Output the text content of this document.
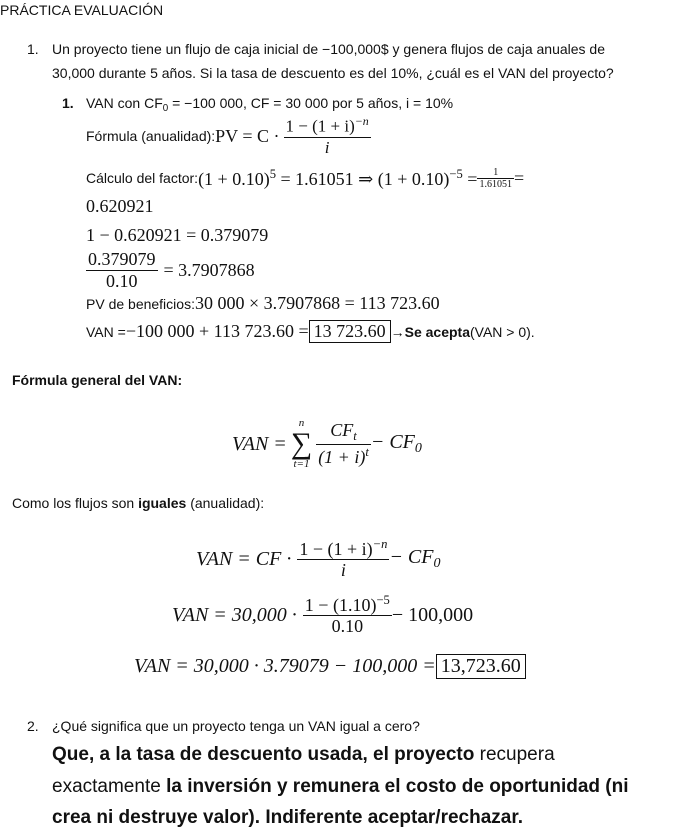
PRÁCTICA EVALUACIÓN
1. Un proyecto tiene un flujo de caja inicial de −100,000$ y genera flujos de caja anuales de
30,000 durante 5 años. Si la tasa de descuento es del 10%, ¿cuál es el VAN del proyecto?
1. VAN con $CF_0 = -100$ 000, CF = 30 000 por 5 años, i = 10%
Fórmula (anualidad): PV = $C \cdot \frac{1 - (1 + i)^{-n}}{i}$
Cálculo del factor: $(1 + 0.10)^5 = 1.61051$ ⇒ $(1 + 0.10)^{-5} = \frac{1}{1.61051}$ =
0.620921
1 − 0.620921 = 0.379079
$\frac{0.379079}{0.10} = 3.7907868$
PV de beneficios: 30 000 × 3.7907868 = 113 723.60
VAN = −100 000 + 113 723.60 = 13 723.60 → Se acepta (VAN > 0).
Fórmula general del VAN:
VAN =
n
∑
$t=1 \frac{CF_t}{(1 + i)^t} - CF_0$
Como los flujos son iguales (anualidad):
VAN = CF · $\frac{1 - (1 + i)^{-n}}{i} - CF_0$
VAN = $30,000 \cdot \frac{1 - (1.10)^{-5}}{0.10} - 100,000$
VAN = 30,000 · 3.79079 − 100,000 = 13,723.60
2. ¿Qué significa que un proyecto tenga un VAN igual a cero?
Que, a la tasa de descuento usada, el proyecto recupera
exactamente la inversión y remunera el costo de oportunidad (ni
crea ni destruye valor). Indiferente aceptar/rechazar.
